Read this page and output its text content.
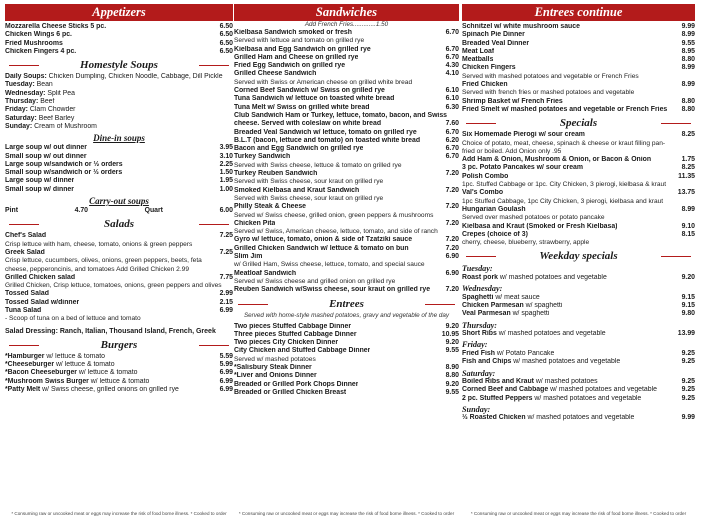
Appetizers
Mozzarella Cheese Sticks 5 pc.	6.50
Chicken Wings 6 pc.	6.50
Fried Mushrooms	6.50
Chicken Fingers 4 pc.	6.50
Homestyle Soups
Daily Soups: Chicken Dumpling, Chicken Noodle, Cabbage, Dill Pickle
Tuesday: Bean
Wednesday: Split Pea
Thursday: Beef
Friday: Clam Chowder
Saturday: Beef Barley
Sunday: Cream of Mushroom
Dine-in soups
Large soup w/ out dinner	3.95
Small soup w/ out dinner	3.10
Large soup w/sandwich or ½ orders	2.25
Small soup w/sandwich or ½ orders	1.50
Large soup w/ dinner	1.95
Small soup w/ dinner	1.00
Carry-out soups
Pint	4.70	Quart	6.00
Salads
Chef's Salad	7.25
Crisp lettuce with ham, cheese, tomato, onions & green peppers
Greek Salad	7.25
Crisp lettuce, cucumbers, olives, onions, green peppers, beets, feta
cheese, pepperoncinis, and tomatoes Add Grilled Chicken 2.99
Grilled Chicken salad	7.75
Grilled Chicken, Crisp lettuce, tomatoes, onions, green peppers and olives
Tossed Salad	2.99
Tossed Salad w/dinner	2.15
Tuna Salad	6.99
- Scoop of tuna on a bed of lettuce and tomato
Salad Dressing: Ranch, Italian, Thousand Island, French, Greek
Burgers
*Hamburger w/ lettuce & tomato	5.59
*Cheeseburger w/ lettuce & tomato	5.99
*Bacon Cheeseburger w/ lettuce & tomato	6.99
*Mushroom Swiss Burger w/ lettuce & tomato	6.99
*Patty Melt w/ Swiss cheese, grilled onions on grilled rye	6.99
* Consuming raw or uncooked meat or eggs may increase the risk of food borne illness. * Cooked to order
Sandwiches
Add French Fries.............1.50
Kielbasa Sandwich smoked or fresh	6.70
Served with lettuce and tomato on grilled rye
Kielbasa and Egg Sandwich on grilled rye	6.70
Grilled Ham and Cheese on grilled rye	6.70
Fried Egg Sandwich on grilled rye	4.30
Grilled Cheese Sandwich	4.10
Served with Swiss or American cheese on grilled white bread
Corned Beef Sandwich w/ Swiss on grilled rye	6.10
Tuna Sandwich w/ lettuce on toasted white bread	6.10
Tuna Melt w/ Swiss on grilled white bread	6.30
Club Sandwich Ham or Turkey, lettuce, tomato, bacon, and Swiss
cheese. Served with coleslaw on white bread	7.60
Breaded Veal Sandwich w/ lettuce, tomato on grilled rye	6.70
B.L.T (bacon, lettuce and tomato) on toasted white bread	6.20
Bacon and Egg Sandwich on grilled rye	6.70
Turkey Sandwich	6.70
Served with Swiss cheese, lettuce & tomato on grilled rye
Turkey Reuben Sandwich	7.20
Served with Swiss cheese, sour kraut on grilled rye
Smoked Kielbasa and Kraut Sandwich	7.20
Served with Swiss cheese, sour kraut on grilled rye
Philly Steak & Cheese	7.20
Served w/ Swiss cheese, grilled onion, green peppers & mushrooms
Chicken Pita	7.20
Served w/ Swiss, American cheese, lettuce, tomato, and side of ranch
Gyro w/ lettuce, tomato, onion & side of Tzatziki sauce	7.20
Grilled Chicken Sandwich w/ lettuce & tomato on bun	7.20
Slim Jim	6.90
w/ Grilled Ham, Swiss cheese, lettuce, tomato, and special sauce
Meatloaf Sandwich	6.90
Served w/ Swiss cheese and grilled onion on grilled rye
Reuben Sandwich w/Swiss cheese, sour kraut on grilled rye 7.20
Entrees
Served with home-style mashed potatoes, gravy and vegetable of the day
Two pieces Stuffed Cabbage Dinner	9.20
Three pieces Stuffed Cabbage Dinner	10.95
Two pieces City Chicken Dinner	9.20
City Chicken and Stuffed Cabbage Dinner	9.55
Served w/ mashed potatoes
*Salisbury Steak Dinner	8.90
*Liver and Onions Dinner	8.80
Breaded or Grilled Pork Chops Dinner	9.20
Breaded or Grilled Chicken Breast	9.55
* Consuming raw or uncooked meat or eggs may increase the risk of food borne illness. * Cooked to order
Entrees continue
Schnitzel w/ white mushroom sauce	9.99
Spinach Pie Dinner	8.99
Breaded Veal Dinner	9.55
Meat Loaf	8.95
Meatballs	8.80
Chicken Fingers	8.99
Served with mashed potatoes and vegetable or French Fries
Fried Chicken	8.99
Served with french fries or mashed potatoes and vegetable
Shrimp Basket w/ French Fries	8.80
Fried Smelt w/ mashed potatoes and vegetable or French Fries 8.80
Specials
Six Homemade Pierogi w/ sour cream	8.25
Choice of potato, meat, cheese, spinach & cheese or kraut filling pan-
fried or boiled. Add Onion only .95
Add Ham & Onion, Mushroom & Onion, or Bacon & Onion	1.75
3 pc. Potato Pancakes w/ sour cream	8.25
Polish Combo	11.35
1pc. Stuffed Cabbage or 1pc. City Chicken, 3 pierogi, kielbasa & kraut
Val's Combo	13.75
1pc Stuffed Cabbage, 1pc City Chicken, 3 pierogi, kielbasa and kraut
Hungarian Goulash	8.99
Served over mashed potatoes or potato pancake
Kielbasa and Kraut (Smoked or Fresh Kielbasa)	9.10
Crepes (choice of 3)	8.15
cherry, cheese, blueberry, strawberry, apple
Weekday specials
Tuesday:
Roast pork w/ mashed potatoes and vegetable	9.20
Wednesday:
Spaghetti w/ meat sauce	9.15
Chicken Parmesan w/ spaghetti	9.15
Veal Parmesan w/ spaghetti	9.80
Thursday:
Short Ribs w/ mashed potatoes and vegetable	13.99
Friday:
Fried Fish w/ Potato Pancake	9.25
Fish and Chips w/ mashed potatoes and vegetable	9.25
Saturday:
Boiled Ribs and Kraut w/ mashed potatoes	9.25
Corned Beef and Cabbage w/ mashed potatoes and vegetable	9.25
2 pc. Stuffed Peppers w/ mashed potatoes and vegetable	9.25
Sunday:
½ Roasted Chicken w/ mashed potatoes and vegetable	9.99
* Consuming raw or uncooked meat or eggs may increase the risk of food borne illness. * Cooked to order
